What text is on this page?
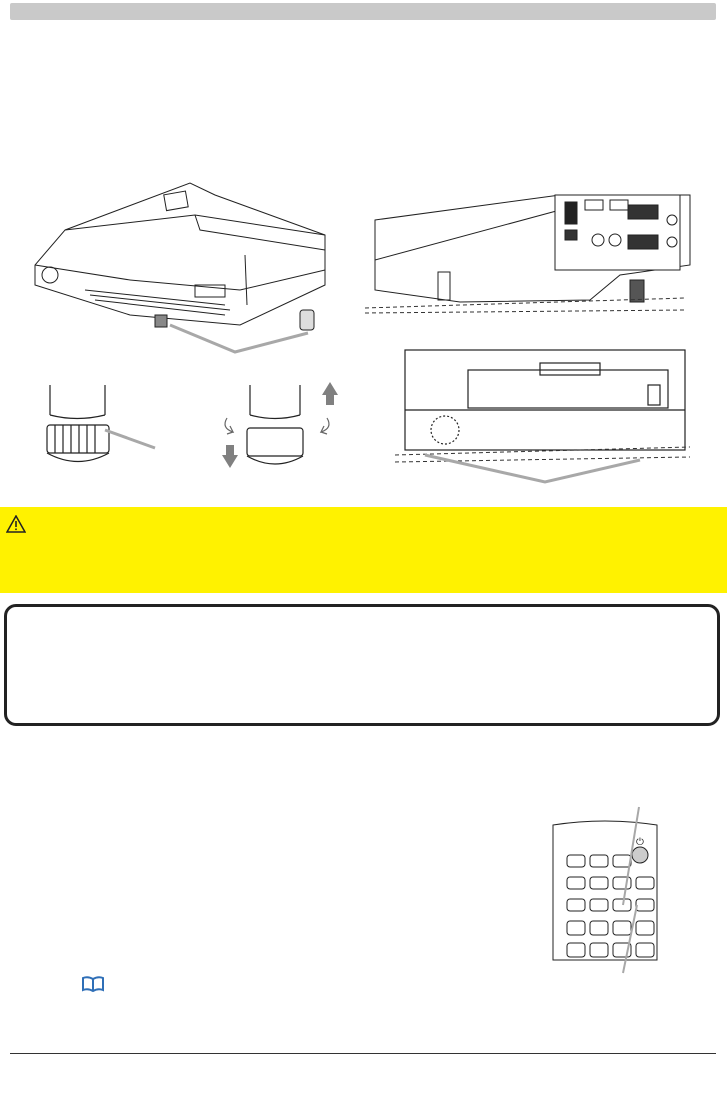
⏻
